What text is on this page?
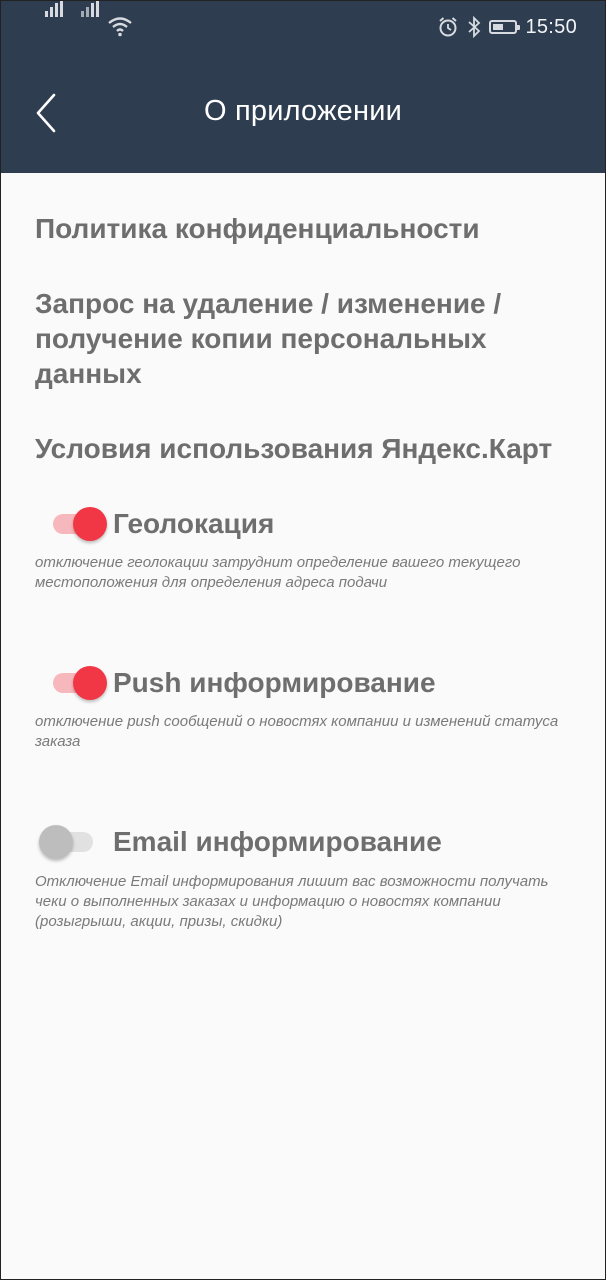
15:50
О приложении
Политика конфиденциальности
Запрос на удаление / изменение / получение копии персональных данных
Условия использования Яндекс.Карт
Геолокация
отключение геолокации затруднит определение вашего текущего местоположения для определения адреса подачи
Push информирование
отключение push сообщений о новостях компании и изменений статуса заказа
Email информирование
Отключение Email информирования лишит вас возможности получать чеки о выполненных заказах и информацию о новостях компании (розыгрыши, акции, призы, скидки)
